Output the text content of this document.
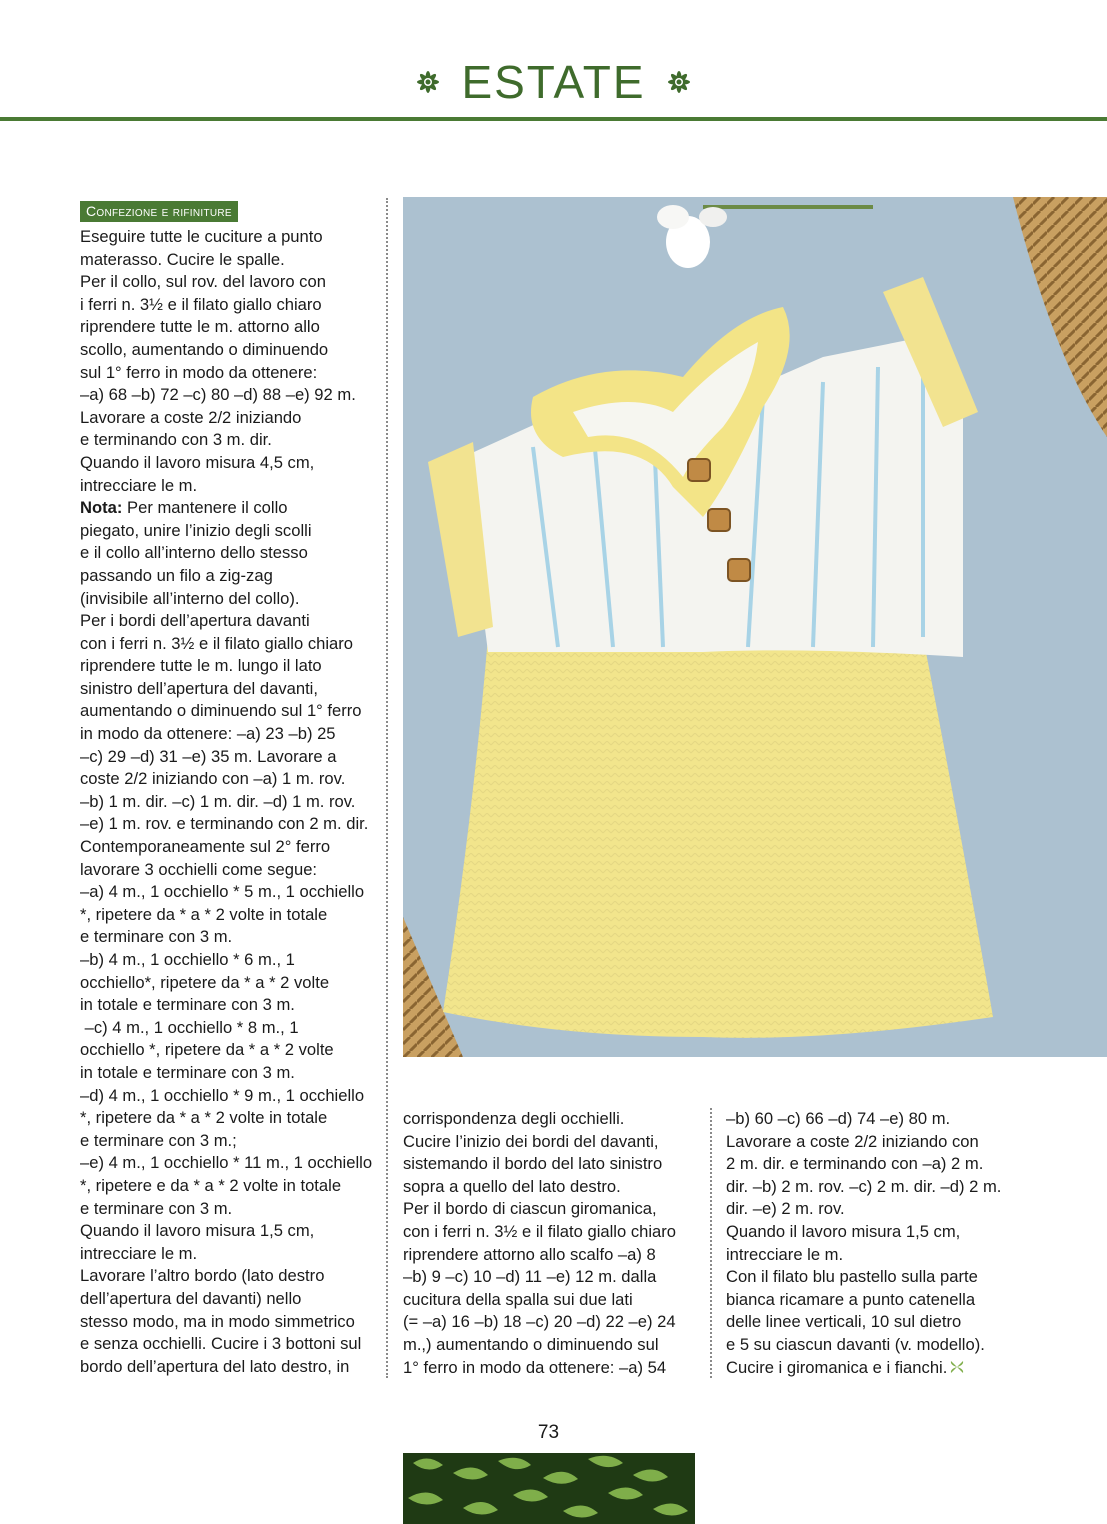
ESTATE
Confezione e rifiniture

Eseguire tutte le cuciture a punto

materasso. Cucire le spalle.

Per il collo, sul rov. del lavoro con

i ferri n. 3½ e il filato giallo chiaro

riprendere tutte le m. attorno allo

scollo, aumentando o diminuendo

sul 1° ferro in modo da ottenere:

–a) 68 –b) 72 –c) 80 –d) 88 –e) 92 m.

Lavorare a coste 2/2 iniziando

e terminando con 3 m. dir.

Quando il lavoro misura 4,5 cm,

intrecciare le m.

Nota: Per mantenere il collo

piegato, unire l’inizio degli scolli

e il collo all’interno dello stesso

passando un filo a zig-zag

(invisibile all’interno del collo).

Per i bordi dell’apertura davanti

con i ferri n. 3½ e il filato giallo chiaro

riprendere tutte le m. lungo il lato

sinistro dell’apertura del davanti,

aumentando o diminuendo sul 1° ferro

in modo da ottenere: –a) 23 –b) 25

–c) 29 –d) 31 –e) 35 m. Lavorare a

coste 2/2 iniziando con –a) 1 m. rov.

–b) 1 m. dir. –c) 1 m. dir. –d) 1 m. rov.

–e) 1 m. rov. e terminando con 2 m. dir.

Contemporaneamente sul 2° ferro

lavorare 3 occhielli come segue:

–a) 4 m., 1 occhiello * 5 m., 1 occhiello

*, ripetere da * a * 2 volte in totale

e terminare con 3 m.

–b) 4 m., 1 occhiello * 6 m., 1

occhiello*, ripetere da * a * 2 volte

in totale e terminare con 3 m.

–c) 4 m., 1 occhiello * 8 m., 1

occhiello *, ripetere da * a * 2 volte

in totale e terminare con 3 m.

–d) 4 m., 1 occhiello * 9 m., 1 occhiello

*, ripetere da * a * 2 volte in totale

e terminare con 3 m.;

–e) 4 m., 1 occhiello * 11 m., 1 occhiello

*, ripetere e da * a * 2 volte in totale

e terminare con 3 m.

Quando il lavoro misura 1,5 cm,

intrecciare le m.

Lavorare l’altro bordo (lato destro

dell’apertura del davanti) nello

stesso modo, ma in modo simmetrico

e senza occhielli. Cucire i 3 bottoni sul

bordo dell’apertura del lato destro, in

corrispondenza degli occhielli.

Cucire l’inizio dei bordi del davanti,

sistemando il bordo del lato sinistro

sopra a quello del lato destro.

Per il bordo di ciascun giromanica,

con i ferri n. 3½ e il filato giallo chiaro

riprendere attorno allo scalfo –a) 8

–b) 9 –c) 10 –d) 11 –e) 12 m. dalla

cucitura della spalla sui due lati

(= –a) 16 –b) 18 –c) 20 –d) 22 –e) 24

m.,) aumentando o diminuendo sul

1° ferro in modo da ottenere: –a) 54

–b) 60 –c) 66 –d) 74 –e) 80 m.

Lavorare a coste 2/2 iniziando con

2 m. dir. e terminando con –a) 2 m.

dir. –b) 2 m. rov. –c) 2 m. dir. –d) 2 m.

dir. –e) 2 m. rov.

Quando il lavoro misura 1,5 cm,

intrecciare le m.

Con il filato blu pastello sulla parte

bianca ricamare a punto catenella

delle linee verticali, 10 sul dietro

e 5 su ciascun davanti (v. modello).

Cucire i giromanica e i fianchi.

73
